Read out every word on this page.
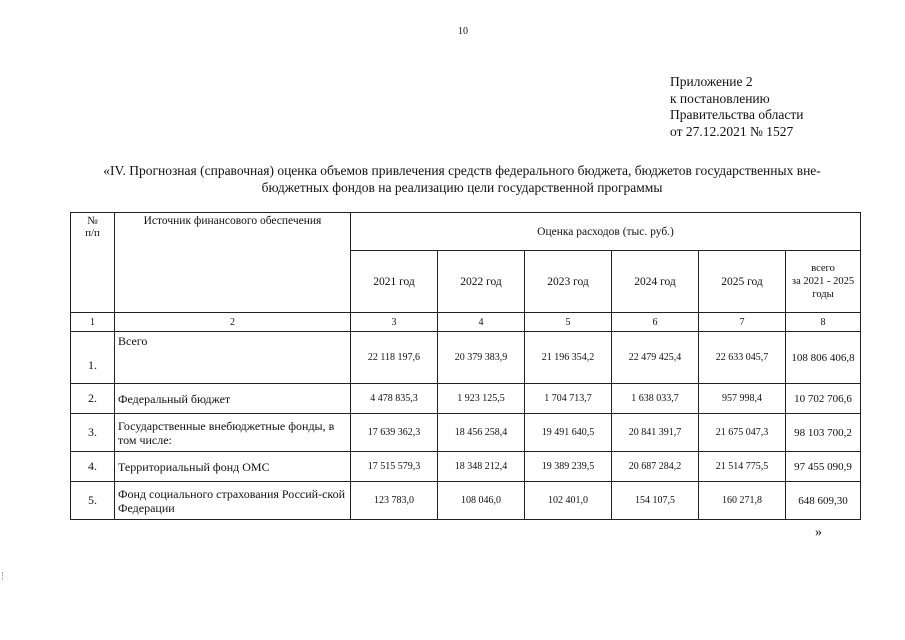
10
Приложение 2
к постановлению
Правительства области
от 27.12.2021 № 1527
«IV. Прогнозная (справочная) оценка объемов привлечения средств федерального бюджета, бюджетов государственных вне-
бюджетных фондов на реализацию цели государственной программы
№
п/п	Источник финансового обеспечения	Оценка расходов (тыс. руб.)					
		2021 год	2022 год	2023 год	2024 год	2025 год	всего
за 2021 - 2025
годы
1	2	3	4	5	6	7	8
1.	Всего	22 118 197,6	20 379 383,9	21 196 354,2	22 479 425,4	22 633 045,7	108 806 406,8
2.	Федеральный бюджет	4 478 835,3	1 923 125,5	1 704 713,7	1 638 033,7	957 998,4	10 702 706,6
3.	Государственные внебюджетные фонды, в том числе:	17 639 362,3	18 456 258,4	19 491 640,5	20 841 391,7	21 675 047,3	98 103 700,2
4.	Территориальный фонд ОМС	17 515 579,3	18 348 212,4	19 389 239,5	20 687 284,2	21 514 775,5	97 455 090,9
5.	Фонд социального страхования Россий-ской Федерации	123 783,0	108 046,0	102 401,0	154 107,5	160 271,8	648 609,30
»
